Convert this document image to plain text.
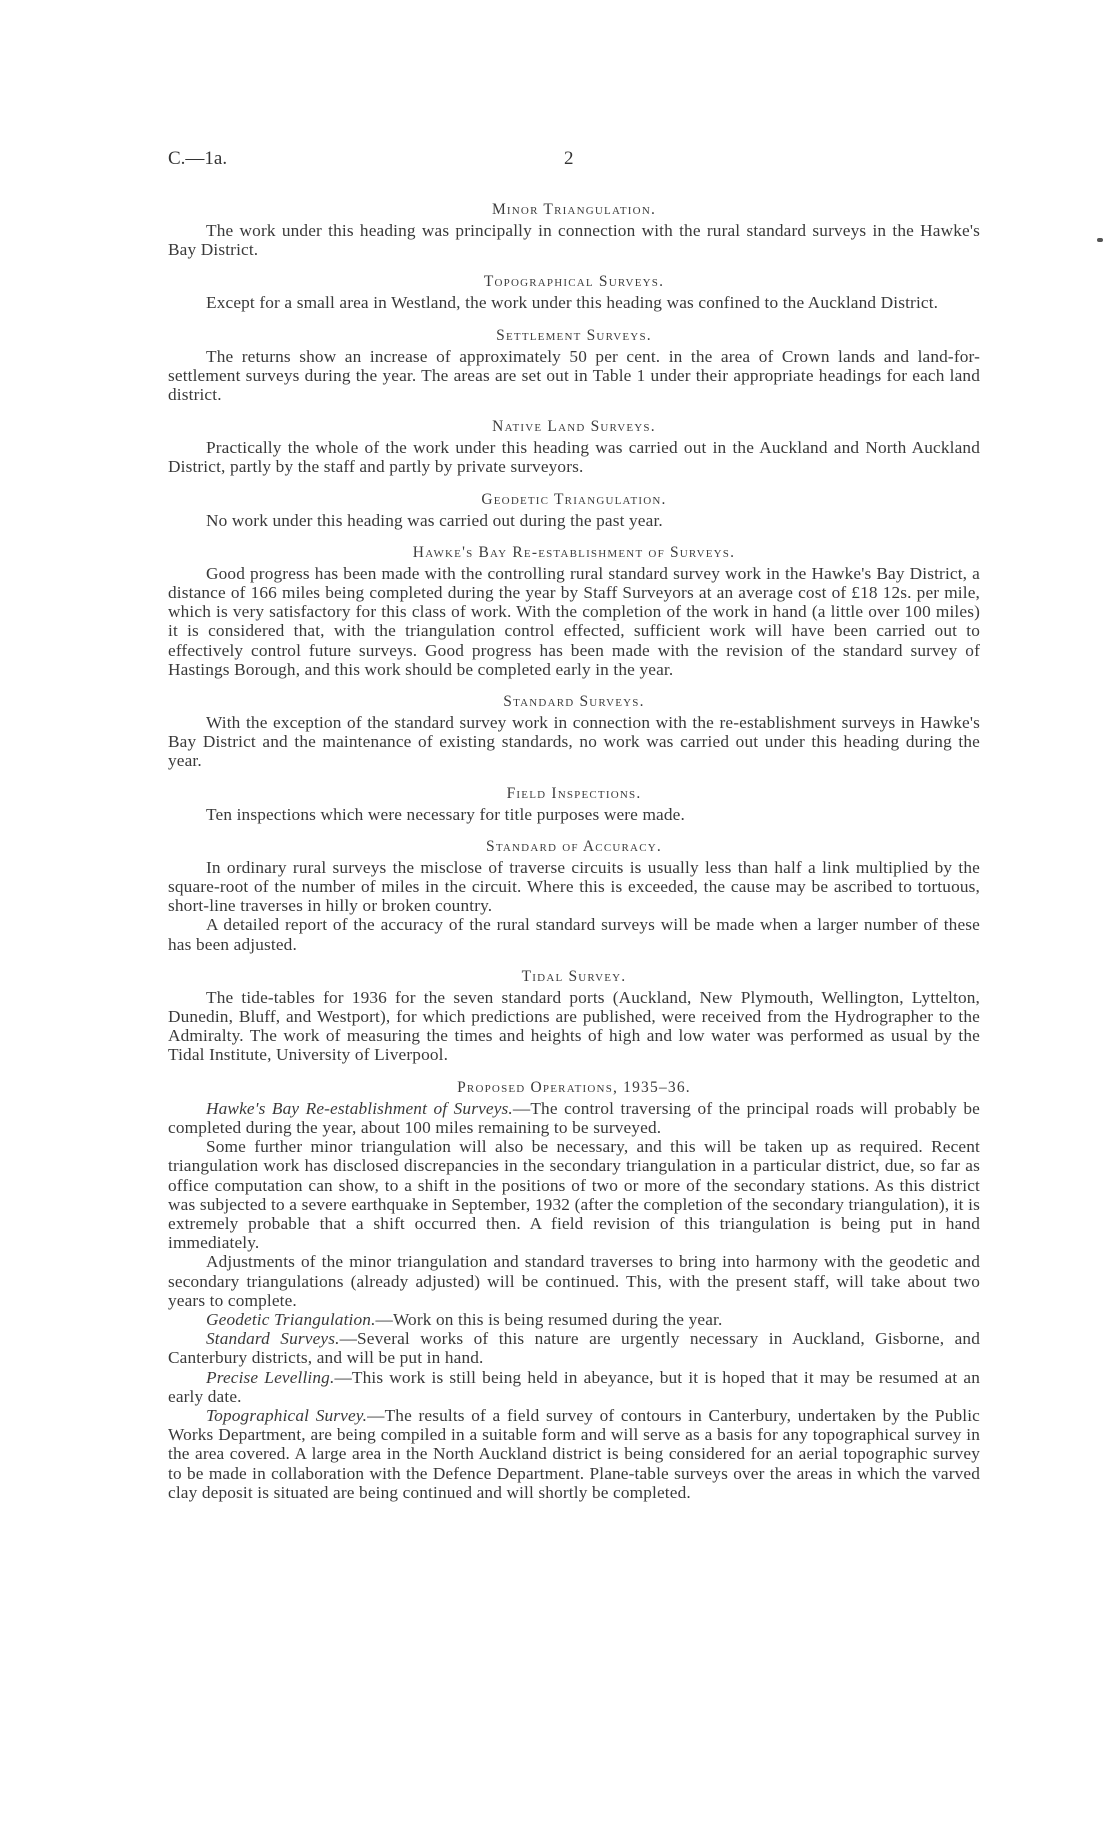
C.—1a.	2
Minor Triangulation.

The work under this heading was principally in connection with the rural standard surveys in the Hawke's Bay District.

Topographical Surveys.

Except for a small area in Westland, the work under this heading was confined to the Auckland District.

Settlement Surveys.

The returns show an increase of approximately 50 per cent. in the area of Crown lands and land-for-settlement surveys during the year. The areas are set out in Table 1 under their appropriate headings for each land district.

Native Land Surveys.

Practically the whole of the work under this heading was carried out in the Auckland and North Auckland District, partly by the staff and partly by private surveyors.

Geodetic Triangulation.

No work under this heading was carried out during the past year.

Hawke's Bay Re-establishment of Surveys.

Good progress has been made with the controlling rural standard survey work in the Hawke's Bay District, a distance of 166 miles being completed during the year by Staff Surveyors at an average cost of £18 12s. per mile, which is very satisfactory for this class of work. With the completion of the work in hand (a little over 100 miles) it is considered that, with the triangulation control effected, sufficient work will have been carried out to effectively control future surveys. Good progress has been made with the revision of the standard survey of Hastings Borough, and this work should be completed early in the year.

Standard Surveys.

With the exception of the standard survey work in connection with the re-establishment surveys in Hawke's Bay District and the maintenance of existing standards, no work was carried out under this heading during the year.

Field Inspections.

Ten inspections which were necessary for title purposes were made.

Standard of Accuracy.

In ordinary rural surveys the misclose of traverse circuits is usually less than half a link multiplied by the square-root of the number of miles in the circuit. Where this is exceeded, the cause may be ascribed to tortuous, short-line traverses in hilly or broken country.

A detailed report of the accuracy of the rural standard surveys will be made when a larger number of these has been adjusted.

Tidal Survey.

The tide-tables for 1936 for the seven standard ports (Auckland, New Plymouth, Wellington, Lyttelton, Dunedin, Bluff, and Westport), for which predictions are published, were received from the Hydrographer to the Admiralty. The work of measuring the times and heights of high and low water was performed as usual by the Tidal Institute, University of Liverpool.

Proposed Operations, 1935–36.

Hawke's Bay Re-establishment of Surveys.—The control traversing of the principal roads will probably be completed during the year, about 100 miles remaining to be surveyed.

Some further minor triangulation will also be necessary, and this will be taken up as required. Recent triangulation work has disclosed discrepancies in the secondary triangulation in a particular district, due, so far as office computation can show, to a shift in the positions of two or more of the secondary stations. As this district was subjected to a severe earthquake in September, 1932 (after the completion of the secondary triangulation), it is extremely probable that a shift occurred then. A field revision of this triangulation is being put in hand immediately.

Adjustments of the minor triangulation and standard traverses to bring into harmony with the geodetic and secondary triangulations (already adjusted) will be continued. This, with the present staff, will take about two years to complete.

Geodetic Triangulation.—Work on this is being resumed during the year.

Standard Surveys.—Several works of this nature are urgently necessary in Auckland, Gisborne, and Canterbury districts, and will be put in hand.

Precise Levelling.—This work is still being held in abeyance, but it is hoped that it may be resumed at an early date.

Topographical Survey.—The results of a field survey of contours in Canterbury, undertaken by the Public Works Department, are being compiled in a suitable form and will serve as a basis for any topographical survey in the area covered. A large area in the North Auckland district is being considered for an aerial topographic survey to be made in collaboration with the Defence Department. Plane-table surveys over the areas in which the varved clay deposit is situated are being continued and will shortly be completed.
